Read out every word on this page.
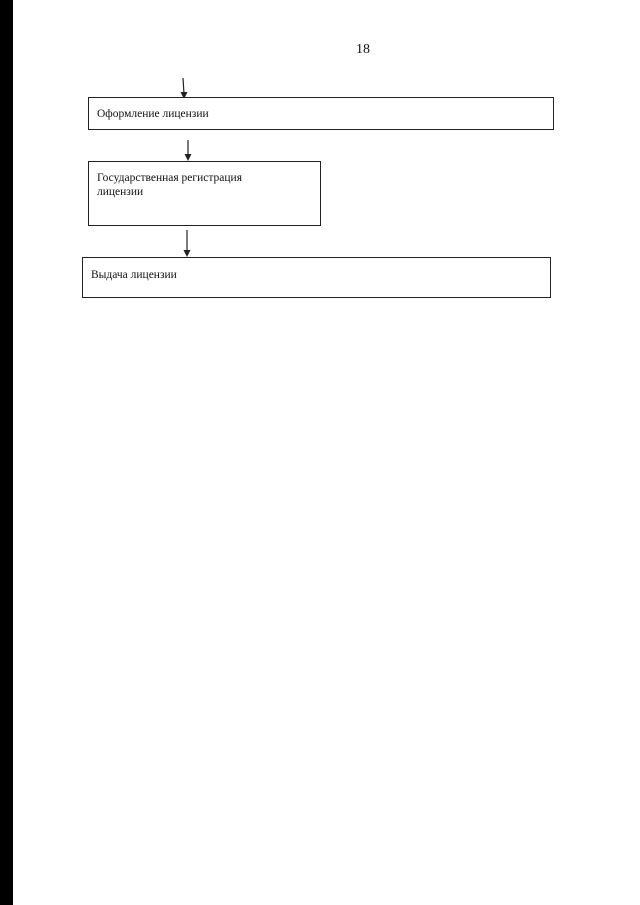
18
Оформление лицензии
Государственная регистрация лицензии
Выдача лицензии
